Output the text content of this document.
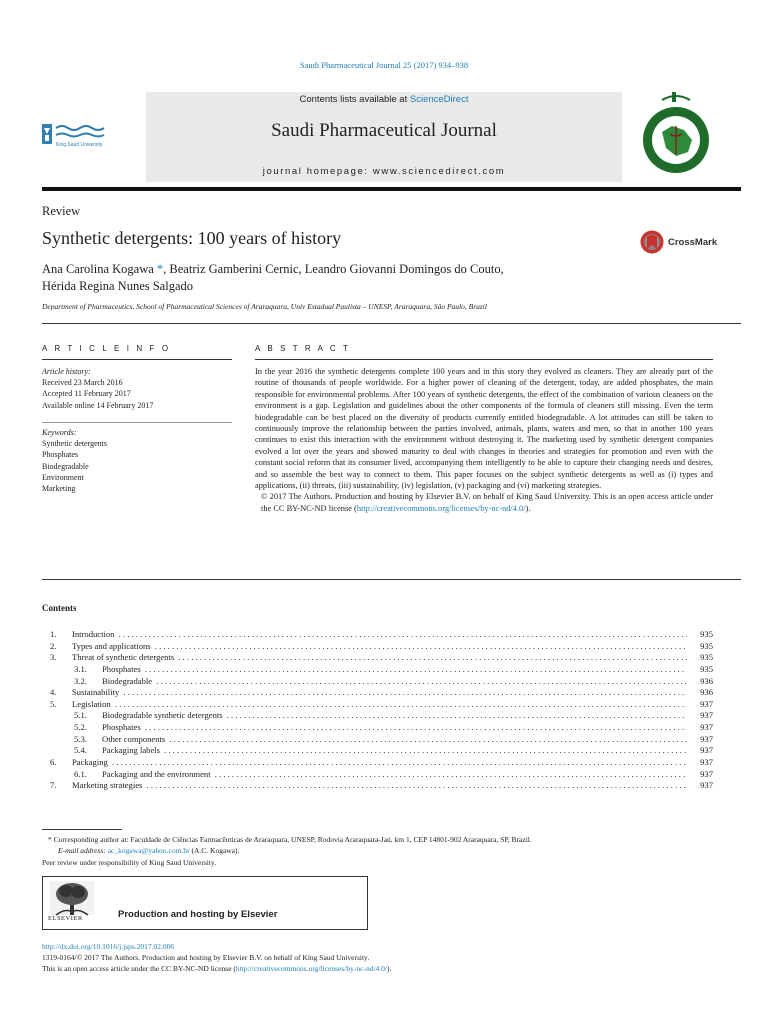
Saudi Pharmaceutical Journal 25 (2017) 934–938
Contents lists available at ScienceDirect
Saudi Pharmaceutical Journal
journal homepage: www.sciencedirect.com
King Saud University
Review
Synthetic detergents: 100 years of history	CrossMark
Ana Carolina Kogawa *, Beatriz Gamberini Cernic, Leandro Giovanni Domingos do Couto,
Hérida Regina Nunes Salgado
Department of Pharmaceutics, School of Pharmaceutical Sciences of Araraquara, Univ Estadual Paulista – UNESP, Araraquara, São Paulo, Brazil
A R T I C L E I N F O
Article history:
Received 23 March 2016
Accepted 11 February 2017
Available online 14 February 2017
Keywords:
Synthetic detergents
Phosphates
Biodegradable
Environment
Marketing
A B S T R A C T
In the year 2016 the synthetic detergents complete 100 years and in this story they evolved as cleaners. They are already part of the routine of thousands of people worldwide. For a higher power of cleaning of the detergent, today, are added phosphates, the main responsible for environmental problems. After 100 years of synthetic detergents, the effect of the combination of various cleaners on the environment is a gap. Legislation and guidelines about the other components of the formula of cleaners still missing. Even the term biodegradable can be best placed on the diversity of products currently entitled biodegradable. A lot attitudes can still be taken to continuously improve the relationship between the parties involved, animals, plants, waters and men, so that in another 100 years continues to exist this interaction with the environment without destroying it. The marketing used by synthetic detergent companies evolved a lot over the years and showed maturity to deal with changes in theories and strategies for promotion and even with the constant social reform that its consumer lived, accompanying them intelligently to be able to capture their changing needs and desires, and so assemble the best way to connect to them. This paper focuses on the subject synthetic detergents as well as (i) types and applications, (ii) threats, (iii) sustainability, (iv) legislation, (v) packaging and (vi) marketing strategies.
© 2017 The Authors. Production and hosting by Elsevier B.V. on behalf of King Saud University. This is an open access article under the CC BY-NC-ND license (http://creativecommons.org/licenses/by-nc-nd/4.0/).
Contents
1. Introduction . . .	935
2. Types and applications . . .	935
3. Threat of synthetic detergents . . .	935
3.1. Phosphates . . .	935
3.2. Biodegradable . . .	936
4. Sustainability . . .	936
5. Legislation . . .	937
5.1. Biodegradable synthetic detergents . . .	937
5.2. Phosphates . . .	937
5.3. Other components . . .	937
5.4. Packaging labels . . .	937
6. Packaging . . .	937
6.1. Packaging and the environment . . .	937
7. Marketing strategies . . .	937
* Corresponding author at: Faculdade de Ciências Farmacêuticas de Araraquara, UNESP, Rodovia Araraquara-Jaú, km 1, CEP 14801-902 Araraquara, SP, Brazil.
E-mail address: ac_kogawa@yahoo.com.br (A.C. Kogawa).
Peer review under responsibility of King Saud University.
ELSEVIER	Production and hosting by Elsevier
http://dx.doi.org/10.1016/j.jsps.2017.02.006
1319-0164/© 2017 The Authors. Production and hosting by Elsevier B.V. on behalf of King Saud University.
This is an open access article under the CC BY-NC-ND license (http://creativecommons.org/licenses/by-nc-nd/4.0/).
